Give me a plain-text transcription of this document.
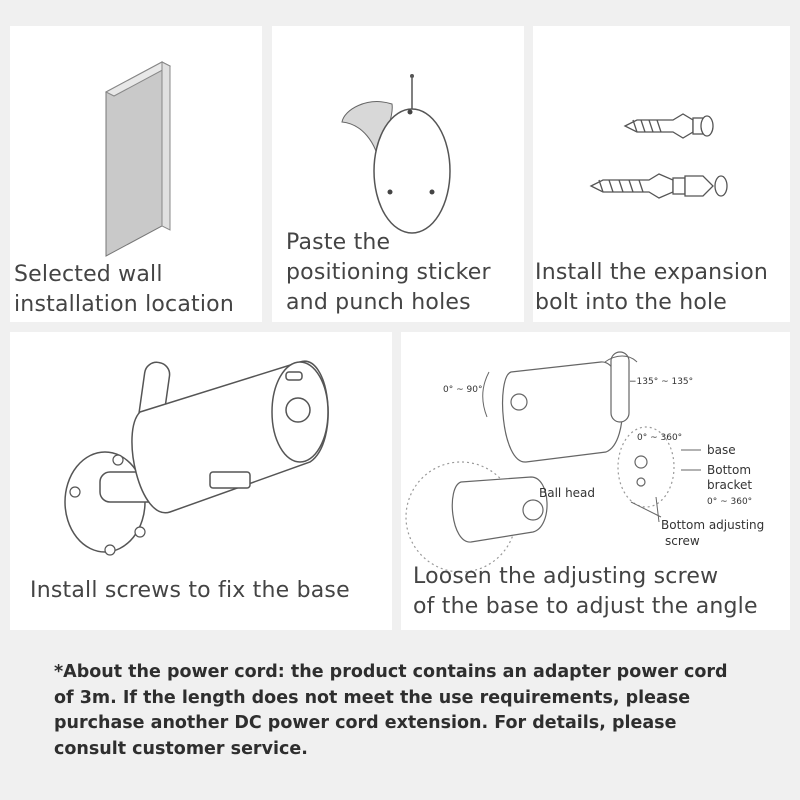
Selected wall
installation location
Paste the
positioning sticker
and punch holes
Install the expansion
bolt into the hole
Install screws to fix the base
0° ~ 90°
−135° ~ 135°
0° ~ 360°
base
Bottom
bracket
0° ~ 360°
Ball head
Bottom adjusting
screw
Loosen the adjusting screw
of the base to adjust the angle
*About the power cord: the product contains an adapter power cord
of 3m. If the length does not meet the use requirements, please
purchase another DC power cord extension. For details, please
consult customer service.
